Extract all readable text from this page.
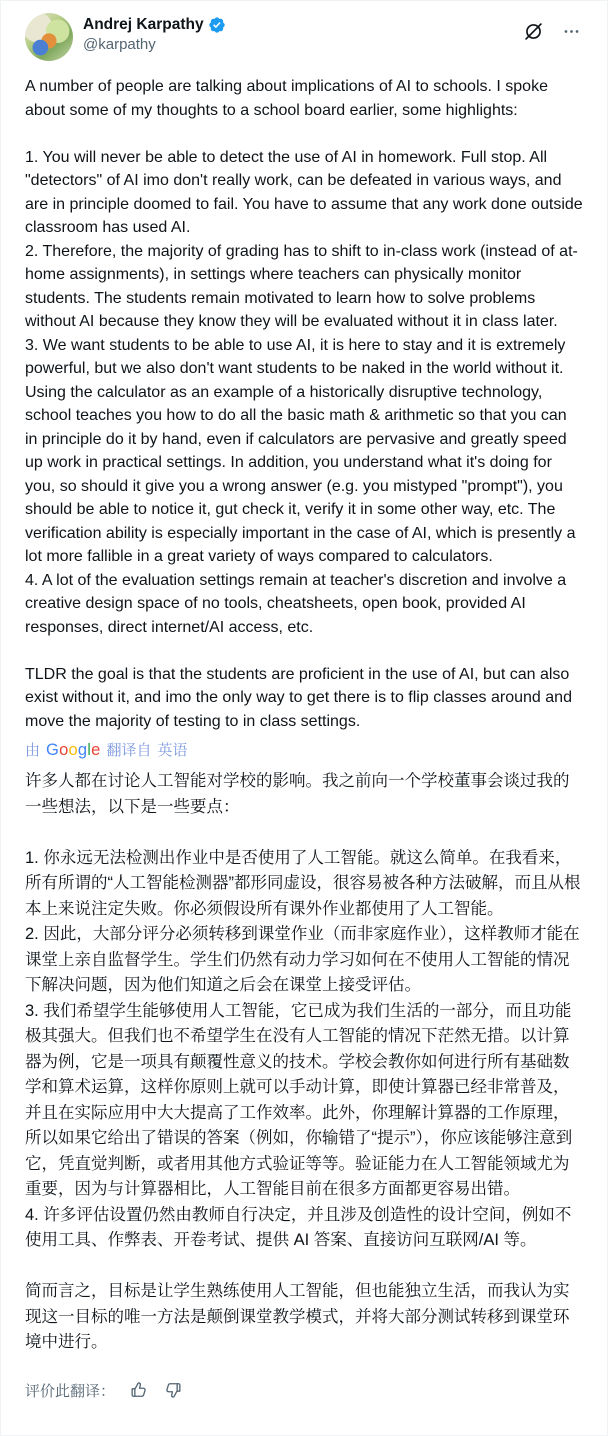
Andrej Karpathy
@karpathy

A number of people are talking about implications of AI to schools. I spoke about some of my thoughts to a school board earlier, some highlights:

1. You will never be able to detect the use of AI in homework. Full stop. All "detectors" of AI imo don't really work, can be defeated in various ways, and are in principle doomed to fail. You have to assume that any work done outside classroom has used AI.

2. Therefore, the majority of grading has to shift to in-class work (instead of at-home assignments), in settings where teachers can physically monitor students. The students remain motivated to learn how to solve problems without AI because they know they will be evaluated without it in class later.

3. We want students to be able to use AI, it is here to stay and it is extremely powerful, but we also don't want students to be naked in the world without it. Using the calculator as an example of a historically disruptive technology, school teaches you how to do all the basic math & arithmetic so that you can in principle do it by hand, even if calculators are pervasive and greatly speed up work in practical settings. In addition, you understand what it's doing for you, so should it give you a wrong answer (e.g. you mistyped "prompt"), you should be able to notice it, gut check it, verify it in some other way, etc. The verification ability is especially important in the case of AI, which is presently a lot more fallible in a great variety of ways compared to calculators.

4. A lot of the evaluation settings remain at teacher's discretion and involve a creative design space of no tools, cheatsheets, open book, provided AI responses, direct internet/AI access, etc.

TLDR the goal is that the students are proficient in the use of AI, but can also exist without it, and imo the only way to get there is to flip classes around and move the majority of testing to in class settings.

由 Google 翻译自 英语

许多人都在讨论人工智能对学校的影响。我之前向一个学校董事会谈过我的一些想法，以下是一些要点：

1. 你永远无法检测出作业中是否使用了人工智能。就这么简单。在我看来，所有所谓的“人工智能检测器”都形同虚设，很容易被各种方法破解，而且从根本上来说注定失败。你必须假设所有课外作业都使用了人工智能。

2. 因此，大部分评分必须转移到课堂作业（而非家庭作业），这样教师才能在课堂上亲自监督学生。学生们仍然有动力学习如何在不使用人工智能的情况下解决问题，因为他们知道之后会在课堂上接受评估。

3. 我们希望学生能够使用人工智能，它已成为我们生活的一部分，而且功能极其强大。但我们也不希望学生在没有人工智能的情况下茫然无措。以计算器为例，它是一项具有颠覆性意义的技术。学校会教你如何进行所有基础数学和算术运算，这样你原则上就可以手动计算，即使计算器已经非常普及，并且在实际应用中大大提高了工作效率。此外，你理解计算器的工作原理，所以如果它给出了错误的答案（例如，你输错了“提示”），你应该能够注意到它，凭直觉判断，或者用其他方式验证等等。验证能力在人工智能领域尤为重要，因为与计算器相比，人工智能目前在很多方面都更容易出错。

4. 许多评估设置仍然由教师自行决定，并且涉及创造性的设计空间，例如不使用工具、作弊表、开卷考试、提供 AI 答案、直接访问互联网/AI 等。

简而言之，目标是让学生熟练使用人工智能，但也能独立生活，而我认为实现这一目标的唯一方法是颠倒课堂教学模式，并将大部分测试转移到课堂环境中进行。

评价此翻译：
